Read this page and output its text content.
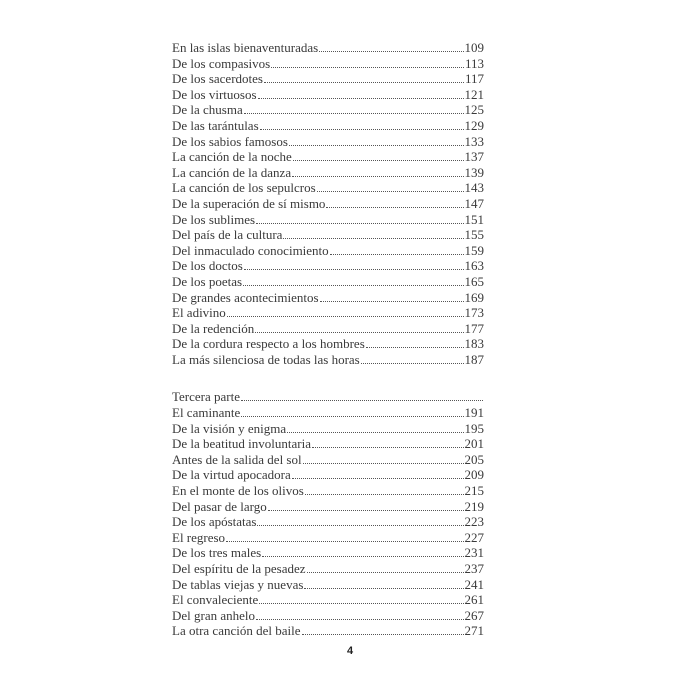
En las islas bienaventuradas	109
De los compasivos	113
De los sacerdotes	117
De los virtuosos	121
De la chusma	125
De las tarántulas	129
De los sabios famosos	133
La canción de la noche	137
La canción de la danza	139
La canción de los sepulcros	143
De la superación de sí mismo	147
De los sublimes	151
Del país de la cultura	155
Del inmaculado conocimiento	159
De los doctos	163
De los poetas	165
De grandes acontecimientos	169
El adivino	173
De la redención	177
De la cordura respecto a los hombres	183
La más silenciosa de todas las horas	187
Tercera parte
El caminante	191
De la visión y enigma	195
De la beatitud involuntaria	201
Antes de la salida del sol	205
De la virtud apocadora	209
En el monte de los olivos	215
Del pasar de largo	219
De los apóstatas	223
El regreso	227
De los tres males	231
Del espíritu de la pesadez	237
De tablas viejas y nuevas	241
El convaleciente	261
Del gran anhelo	267
La otra canción del baile	271
4
